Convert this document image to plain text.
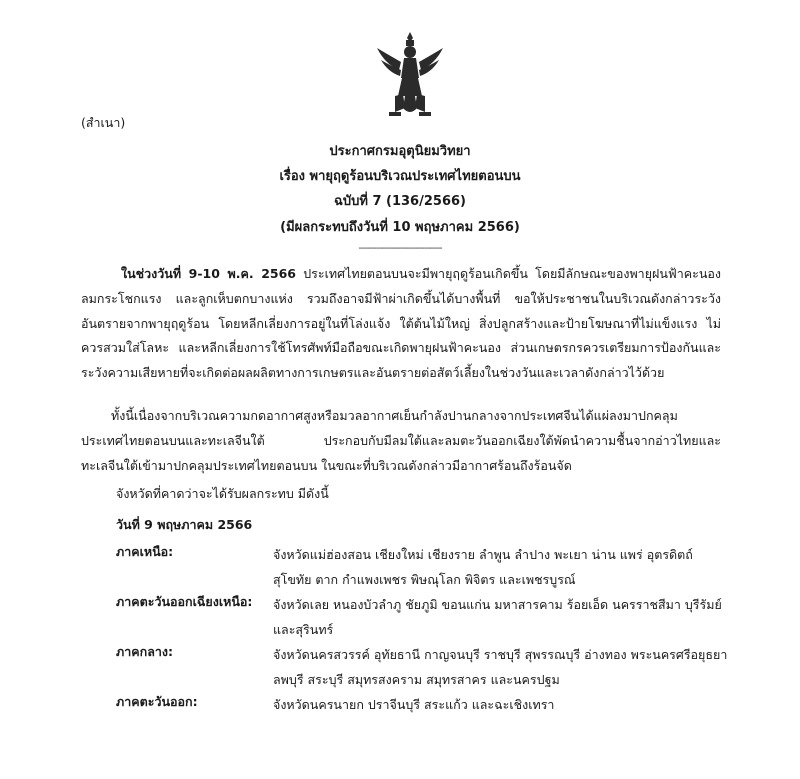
(สำเนา)
ประกาศกรมอุตุนิยมวิทยา
เรื่อง พายุฤดูร้อนบริเวณประเทศไทยตอนบน
ฉบับที่ 7 (136/2566)
(มีผลกระทบถึงวันที่ 10 พฤษภาคม 2566)
----------------------------
ในช่วงวันที่ 9-10 พ.ค. 2566 ประเทศไทยตอนบนจะมีพายุฤดูร้อนเกิดขึ้น โดยมีลักษณะของพายุฝนฟ้าคะนอง ลมกระโชกแรง และลูกเห็บตกบางแห่ง รวมถึงอาจมีฟ้าผ่าเกิดขึ้นได้บางพื้นที่ ขอให้ประชาชนในบริเวณดังกล่าวระวังอันตรายจากพายุฤดูร้อน โดยหลีกเลี่ยงการอยู่ในที่โล่งแจ้ง ใต้ต้นไม้ใหญ่ สิ่งปลูกสร้างและป้ายโฆษณาที่ไม่แข็งแรง ไม่ควรสวมใส่โลหะ และหลีกเลี่ยงการใช้โทรศัพท์มือถือขณะเกิดพายุฝนฟ้าคะนอง ส่วนเกษตรกรควรเตรียมการป้องกันและระวังความเสียหายที่จะเกิดต่อผลผลิตทางการเกษตรและอันตรายต่อสัตว์เลี้ยงในช่วงวันและเวลาดังกล่าวไว้ด้วย
ทั้งนี้เนื่องจากบริเวณความกดอากาศสูงหรือมวลอากาศเย็นกำลังปานกลางจากประเทศจีนได้แผ่ลงมาปกคลุมประเทศไทยตอนบนและทะเลจีนใต้ ประกอบกับมีลมใต้และลมตะวันออกเฉียงใต้พัดนำความชื้นจากอ่าวไทยและทะเลจีนใต้เข้ามาปกคลุมประเทศไทยตอนบน ในขณะที่บริเวณดังกล่าวมีอากาศร้อนถึงร้อนจัด
จังหวัดที่คาดว่าจะได้รับผลกระทบ มีดังนี้
วันที่ 9 พฤษภาคม 2566
ภาคเหนือ:	จังหวัดแม่ฮ่องสอน เชียงใหม่ เชียงราย ลำพูน ลำปาง พะเยา น่าน แพร่ อุตรดิตถ์ สุโขทัย ตาก กำแพงเพชร พิษณุโลก พิจิตร และเพชรบูรณ์
ภาคตะวันออกเฉียงเหนือ:	จังหวัดเลย หนองบัวลำภู ชัยภูมิ ขอนแก่น มหาสารคาม ร้อยเอ็ด นครราชสีมา บุรีรัมย์ และสุรินทร์
ภาคกลาง:	จังหวัดนครสวรรค์ อุทัยธานี กาญจนบุรี ราชบุรี สุพรรณบุรี อ่างทอง พระนครศรีอยุธยา ลพบุรี สระบุรี สมุทรสงคราม สมุทรสาคร และนครปฐม
ภาคตะวันออก:	จังหวัดนครนายก ปราจีนบุรี สระแก้ว และฉะเชิงเทรา
